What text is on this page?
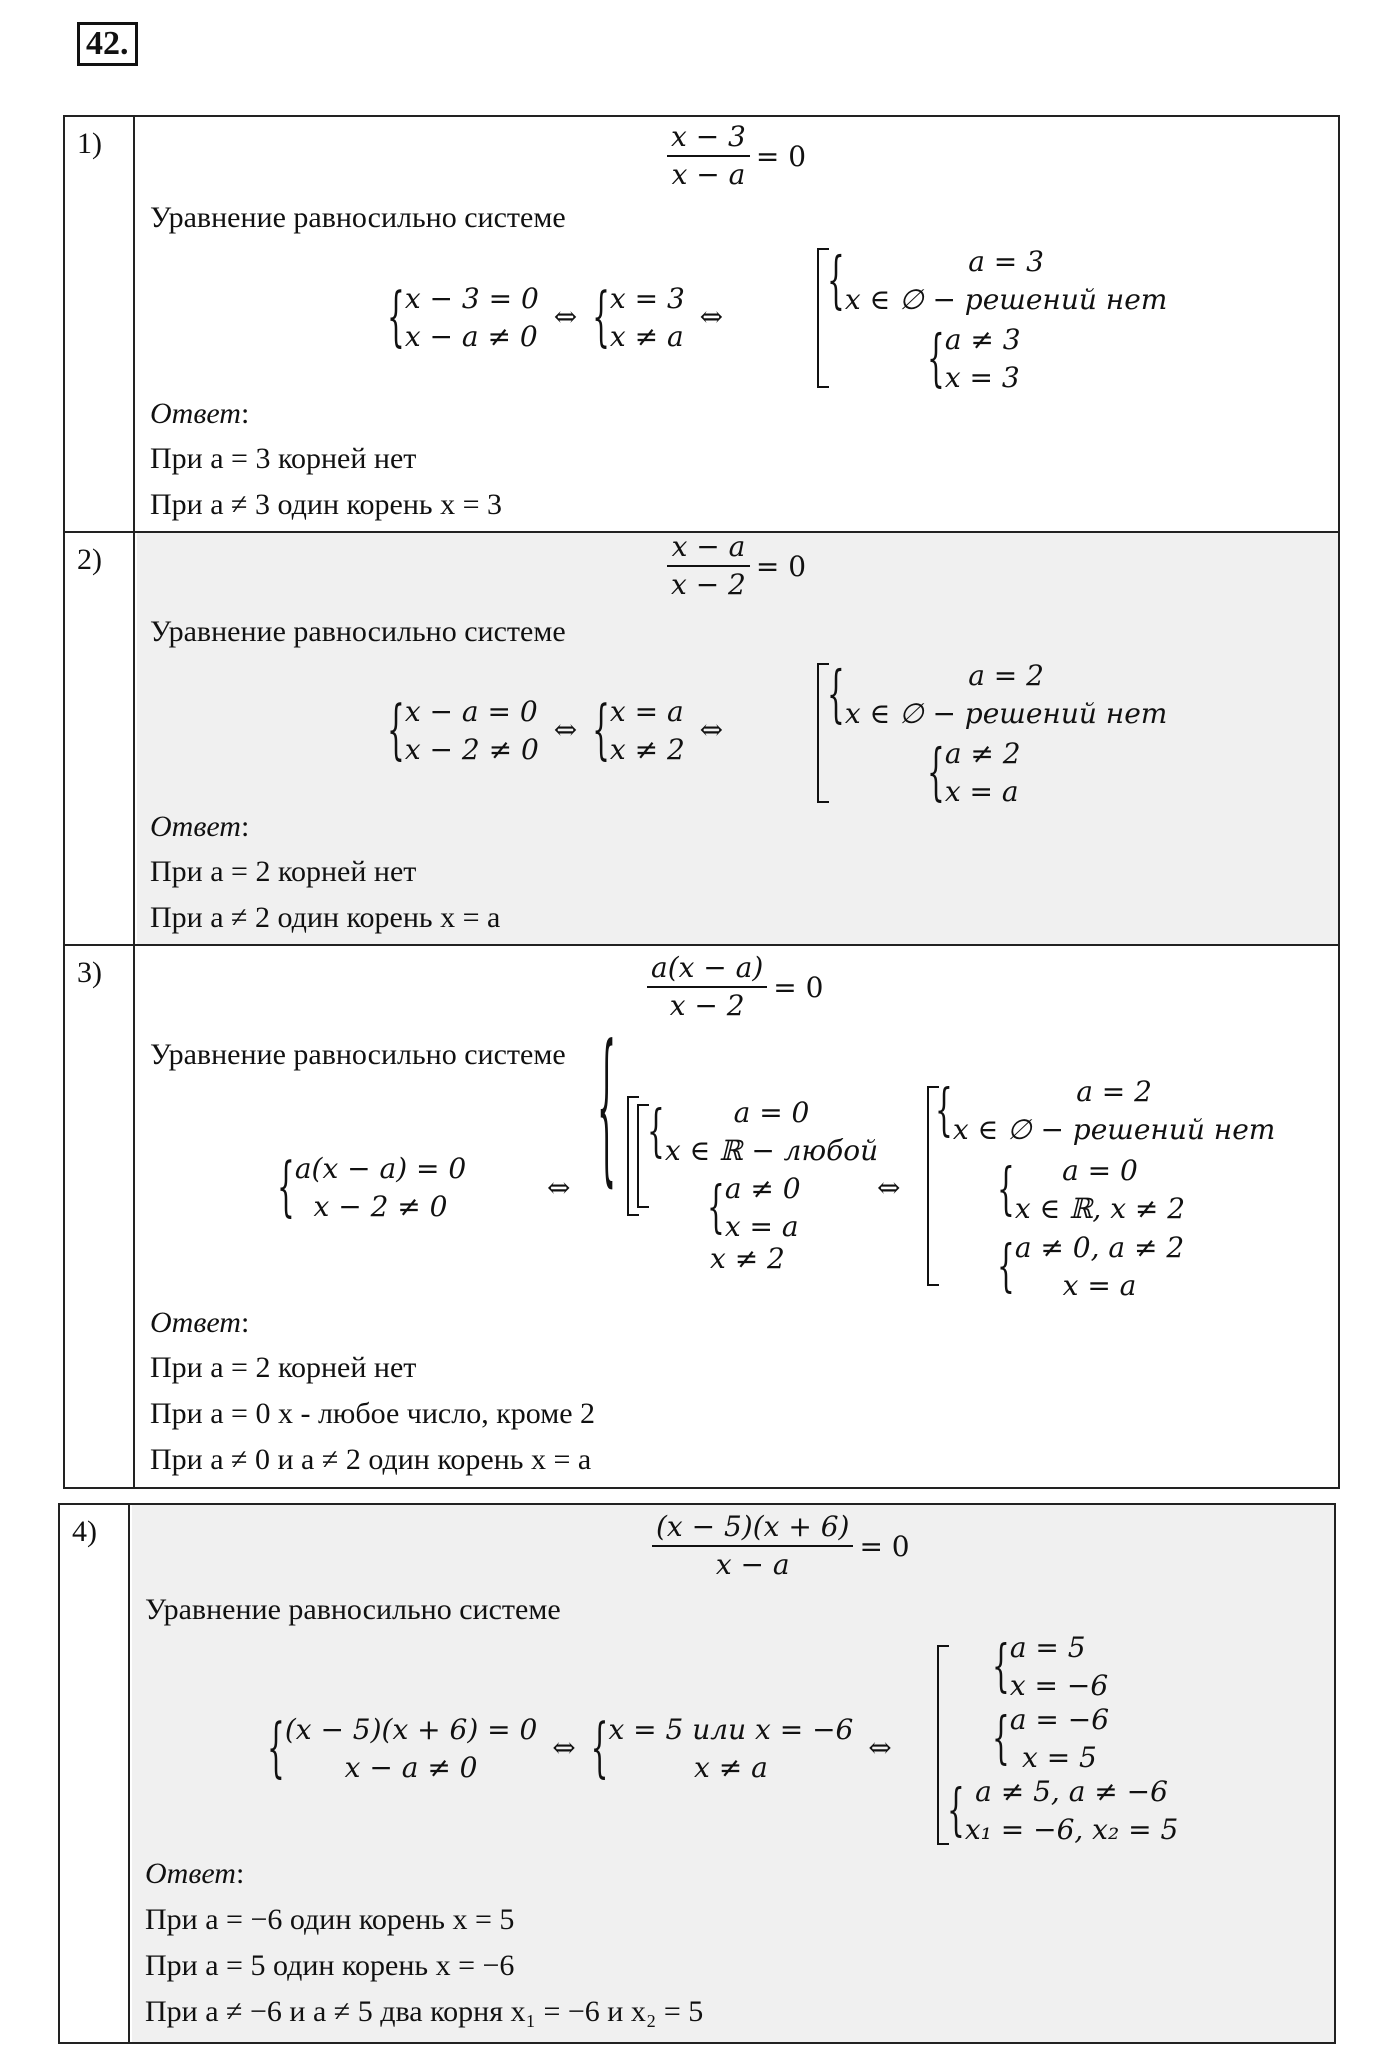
42.
1)	$\frac{x - 3}{x - a} = 0$
Уравнение равносильно системе
{ x − 3 = 0
x − a ≠ 0
⇔ { x = 3
x ≠ a
⇔	{	a = 3
x ∈ ∅ − решений нет
{ a ≠ 3
x = 3
Ответ:
При a = 3 корней нет
При a ≠ 3 один корень x = 3
2)	$\frac{x - a}{x - 2} = 0$
Уравнение равносильно системе
{ x − a = 0
x − 2 ≠ 0
⇔ { x = a
x ≠ 2
⇔	{	a = 2
x ∈ ∅ − решений нет
{ a ≠ 2
x = a
Ответ:
При a = 2 корней нет
При a ≠ 2 один корень x = a
3)	$\frac{a(x - a)}{x - 2} = 0$
Уравнение равносильно системе
{ a(x − a) = 0
x − 2 ≠ 0
⇔ { { a = 0
x ∈ ℝ − любой
{ a ≠ 0
x = a
x ≠ 2
⇔
{	a = 2
x ∈ ∅ − решений нет
{ a = 0
x ∈ ℝ, x ≠ 2
{ a ≠ 0, a ≠ 2
x = a
Ответ:
При a = 2 корней нет
При a = 0 x - любое число, кроме 2
При a ≠ 0 и a ≠ 2 один корень x = a
4)	$\frac{(x - 5)(x + 6)}{x - a} = 0$
Уравнение равносильно системе
{ (x − 5)(x + 6) = 0
x − a ≠ 0
⇔ { x = 5 или x = −6
x ≠ a
⇔
{ a = 5
x = −6
{ a = −6
x = 5
{ a ≠ 5, a ≠ −6
x₁ = −6, x₂ = 5
Ответ:
При a = −6 один корень x = 5
При a = 5 один корень x = −6
При a ≠ −6 и a ≠ 5 два корня x₁ = −6 и x₂ = 5
